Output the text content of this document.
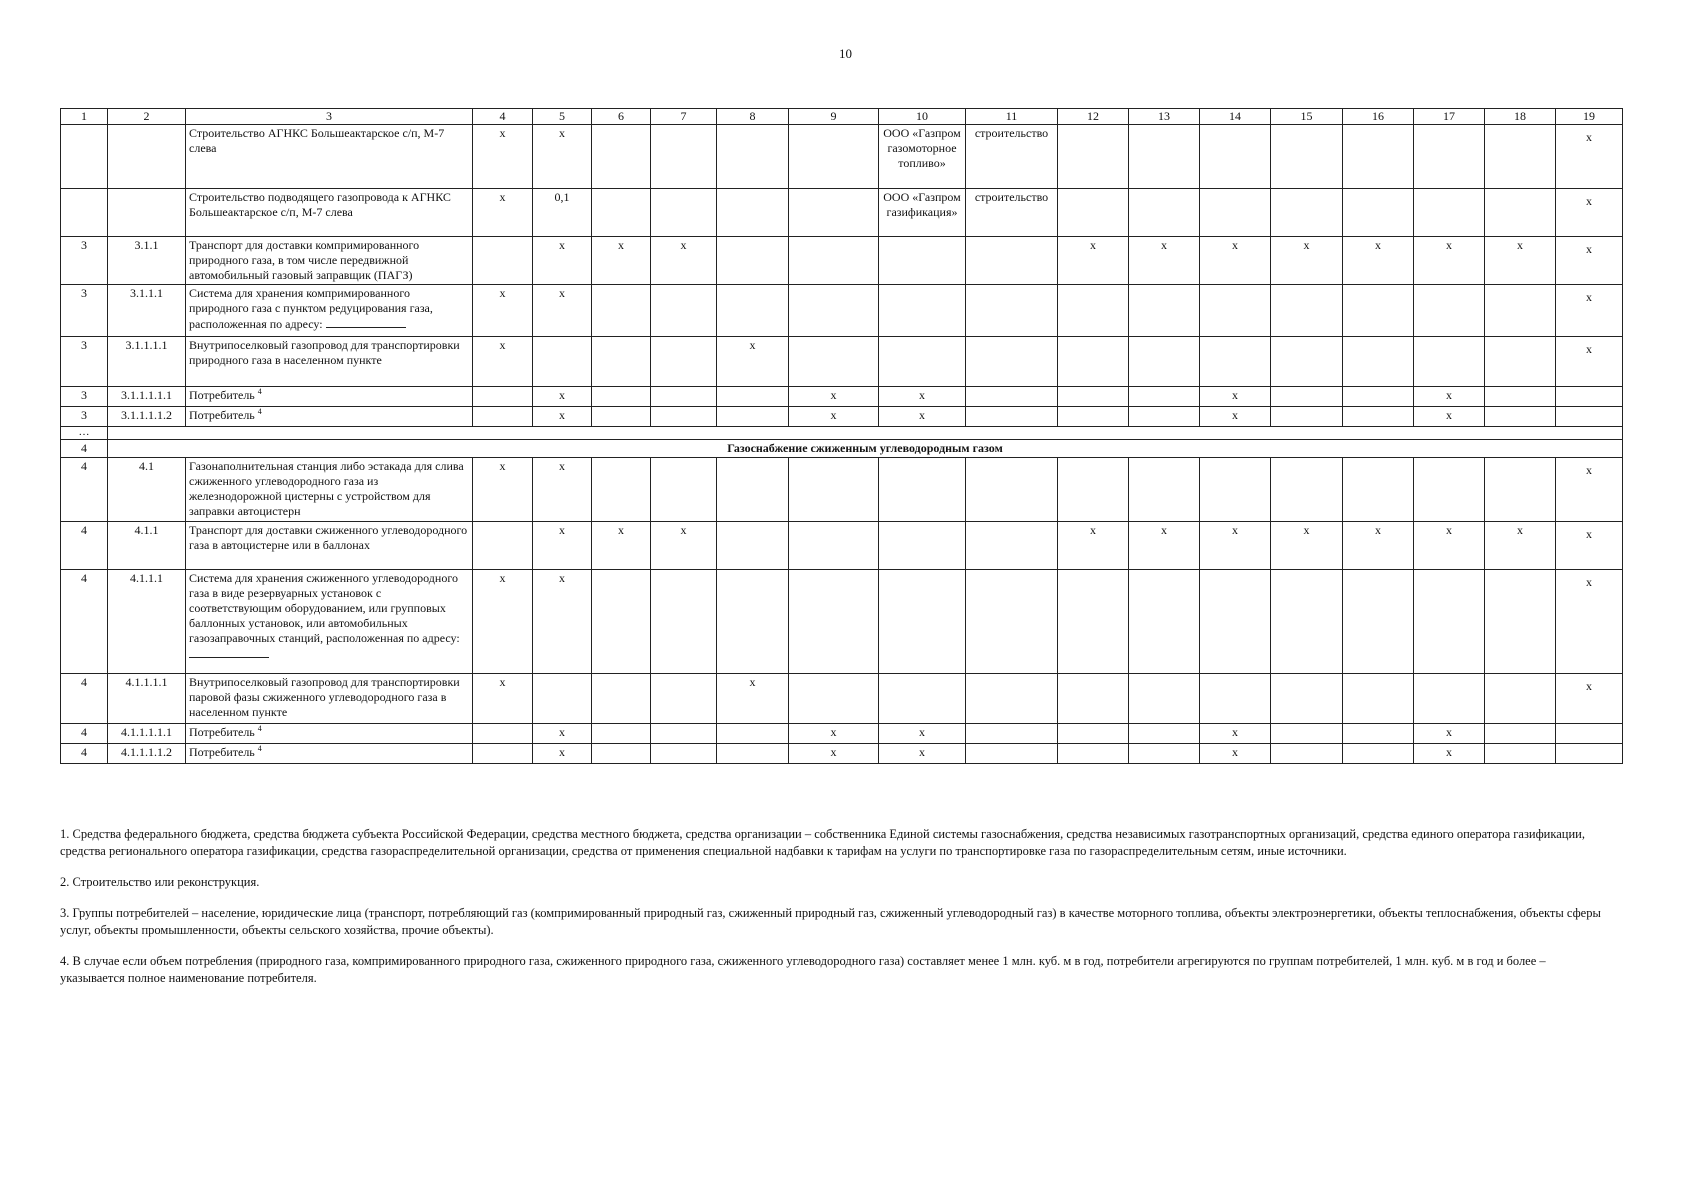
10
1	2	3	4	5	6	7	8	9	10	11	12	13	14	15	16	17	18	19
		Строительство АГНКС Большеактарское с/п, М-7 слева	x	x					ООО «Газпром газомоторное топливо»	строительство								x
		Строительство подводящего газопровода к АГНКС Большеактарское с/п, М-7 слева	x	0,1					ООО «Газпром газификация»	строительство								x
3	3.1.1	Транспорт для доставки компримированного природного газа, в том числе передвижной автомобильный газовый заправщик (ПАГЗ)		x	x	x					x	x	x	x	x	x	x	x
3	3.1.1.1	Система для хранения компримированного природного газа с пунктом редуцирования газа, расположенная по адресу:	x	x														x
3	3.1.1.1.1	Внутрипоселковый газопровод для транспортировки природного газа в населенном пункте	x				x											x
3	3.1.1.1.1.1	Потребитель $^4$		x				x	x				x			x		
3	3.1.1.1.1.2	Потребитель $^4$		x				x	x				x			x		
…																		
4	Газоснабжение сжиженным углеводородным газом																	
4	4.1	Газонаполнительная станция либо эстакада для слива сжиженного углеводородного газа из железнодорожной цистерны с устройством для заправки автоцистерн	x	x														x
4	4.1.1	Транспорт для доставки сжиженного углеводородного газа в автоцистерне или в баллонах		x	x	x					x	x	x	x	x	x	x	x
4	4.1.1.1	Система для хранения сжиженного углеводородного газа в виде резервуарных установок с соответствующим оборудованием, или групповых баллонных установок, или автомобильных газозаправочных станций, расположенная по адресу:	x	x														x
4	4.1.1.1.1	Внутрипоселковый газопровод для транспортировки паровой фазы сжиженного углеводородного газа в населенном пункте	x				x											x
4	4.1.1.1.1.1	Потребитель $^4$		x				x	x				x			x		
4	4.1.1.1.1.2	Потребитель $^4$		x				x	x				x			x		

1. Средства федерального бюджета, средства бюджета субъекта Российской Федерации, средства местного бюджета, средства организации – собственника Единой системы газоснабжения, средства независимых газотранспортных организаций, средства единого оператора газификации, средства регионального оператора газификации, средства газораспределительной организации, средства от применения специальной надбавки к тарифам на услуги по транспортировке газа по газораспределительным сетям, иные источники.

2. Строительство или реконструкция.

3. Группы потребителей – население, юридические лица (транспорт, потребляющий газ (компримированный природный газ, сжиженный природный газ, сжиженный углеводородный газ) в качестве моторного топлива, объекты электроэнергетики, объекты теплоснабжения, объекты сферы услуг, объекты промышленности, объекты сельского хозяйства, прочие объекты).

4. В случае если объем потребления (природного газа, компримированного природного газа, сжиженного природного газа, сжиженного углеводородного газа) составляет менее 1 млн. куб. м в год, потребители агрегируются по группам потребителей, 1 млн. куб. м в год и более – указывается полное наименование потребителя.
